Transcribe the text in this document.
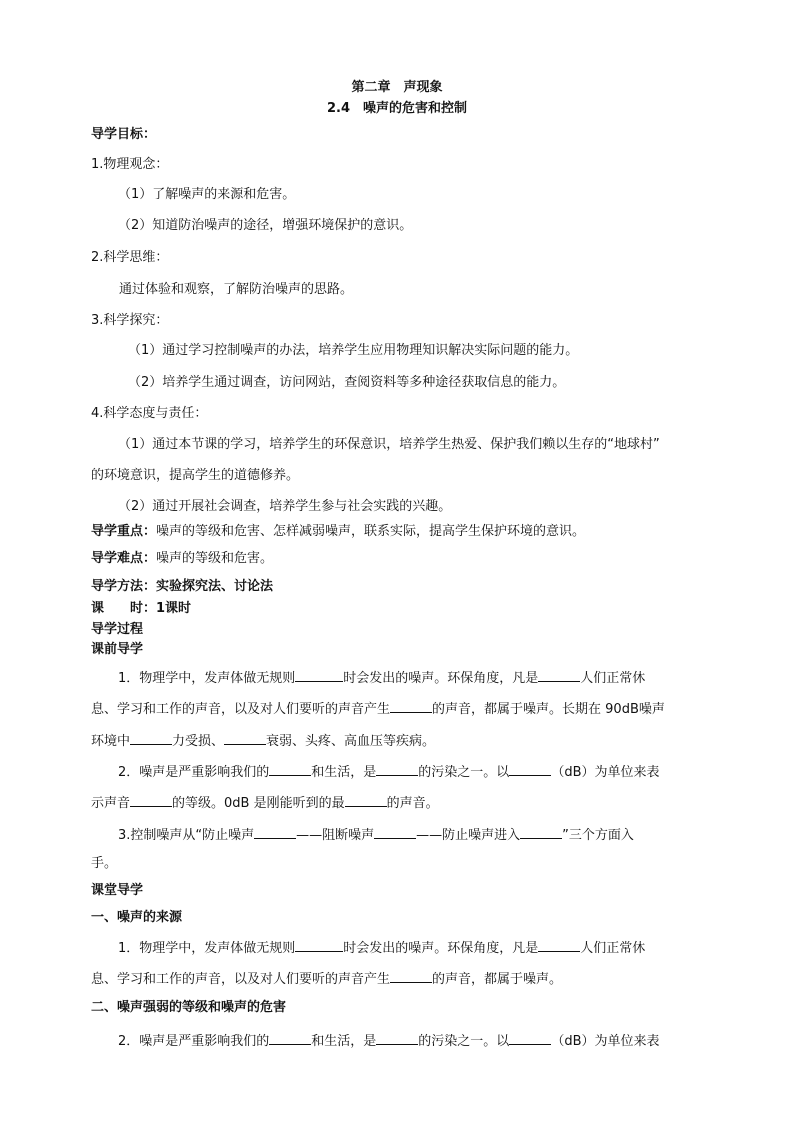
第二章　声现象
2.4　噪声的危害和控制
导学目标：
1.物理观念：
（1）了解噪声的来源和危害。
（2）知道防治噪声的途径，增强环境保护的意识。
2.科学思维：
通过体验和观察，了解防治噪声的思路。
3.科学探究：
（1）通过学习控制噪声的办法，培养学生应用物理知识解决实际问题的能力。
（2）培养学生通过调查，访问网站，查阅资料等多种途径获取信息的能力。
4.科学态度与责任：
（1）通过本节课的学习，培养学生的环保意识，培养学生热爱、保护我们赖以生存的“地球村”
的环境意识，提高学生的道德修养。
（2）通过开展社会调查，培养学生参与社会实践的兴趣。
导学重点：噪声的等级和危害、怎样减弱噪声，联系实际，提高学生保护环境的意识。
导学难点：噪声的等级和危害。
导学方法：实验探究法、讨论法
课　　时：1课时
导学过程
课前导学
1．物理学中，发声体做无规则	时会发出的噪声。环保角度，凡是	人们正常休
息、学习和工作的声音，以及对人们要听的声音产生	的声音，都属于噪声。长期在 90dB噪声
环境中	力受损、	衰弱、头疼、高血压等疾病。
2．噪声是严重影响我们的	和生活，是	的污染之一。以	（dB）为单位来表
示声音	的等级。0dB 是刚能听到的最	的声音。
3.控制噪声从“防止噪声	——阻断噪声	——防止噪声进入	”三个方面入
手。
课堂导学
一、噪声的来源
1．物理学中，发声体做无规则	时会发出的噪声。环保角度，凡是	人们正常休
息、学习和工作的声音，以及对人们要听的声音产生	的声音，都属于噪声。
二、噪声强弱的等级和噪声的危害
2．噪声是严重影响我们的	和生活，是	的污染之一。以	（dB）为单位来表
